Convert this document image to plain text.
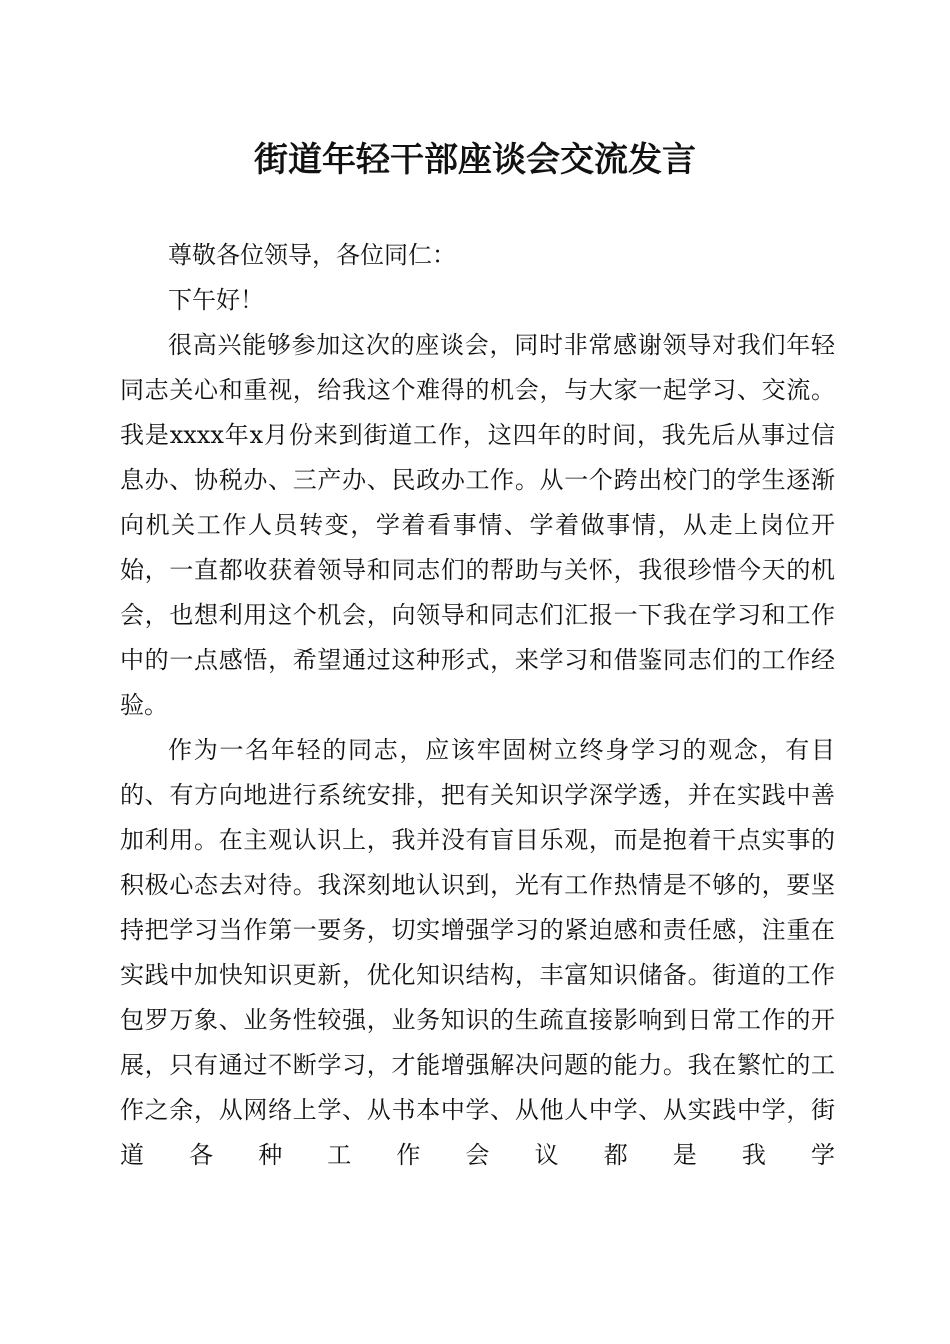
街道年轻干部座谈会交流发言

尊敬各位领导，各位同仁：

下午好！

很高兴能够参加这次的座谈会，同时非常感谢领导对我们年轻同志关心和重视，给我这个难得的机会，与大家一起学习、交流。我是xxxx年x月份来到街道工作，这四年的时间，我先后从事过信息办、协税办、三产办、民政办工作。从一个跨出校门的学生逐渐向机关工作人员转变，学着看事情、学着做事情，从走上岗位开始，一直都收获着领导和同志们的帮助与关怀，我很珍惜今天的机会，也想利用这个机会，向领导和同志们汇报一下我在学习和工作中的一点感悟，希望通过这种形式，来学习和借鉴同志们的工作经验。

作为一名年轻的同志，应该牢固树立终身学习的观念，有目的、有方向地进行系统安排，把有关知识学深学透，并在实践中善加利用。在主观认识上，我并没有盲目乐观，而是抱着干点实事的积极心态去对待。我深刻地认识到，光有工作热情是不够的，要坚持把学习当作第一要务，切实增强学习的紧迫感和责任感，注重在实践中加快知识更新，优化知识结构，丰富知识储备。街道的工作包罗万象、业务性较强，业务知识的生疏直接影响到日常工作的开展，只有通过不断学习，才能增强解决问题的能力。我在繁忙的工作之余，从网络上学、从书本中学、从他人中学、从实践中学，街道各种工作会议都是我学
